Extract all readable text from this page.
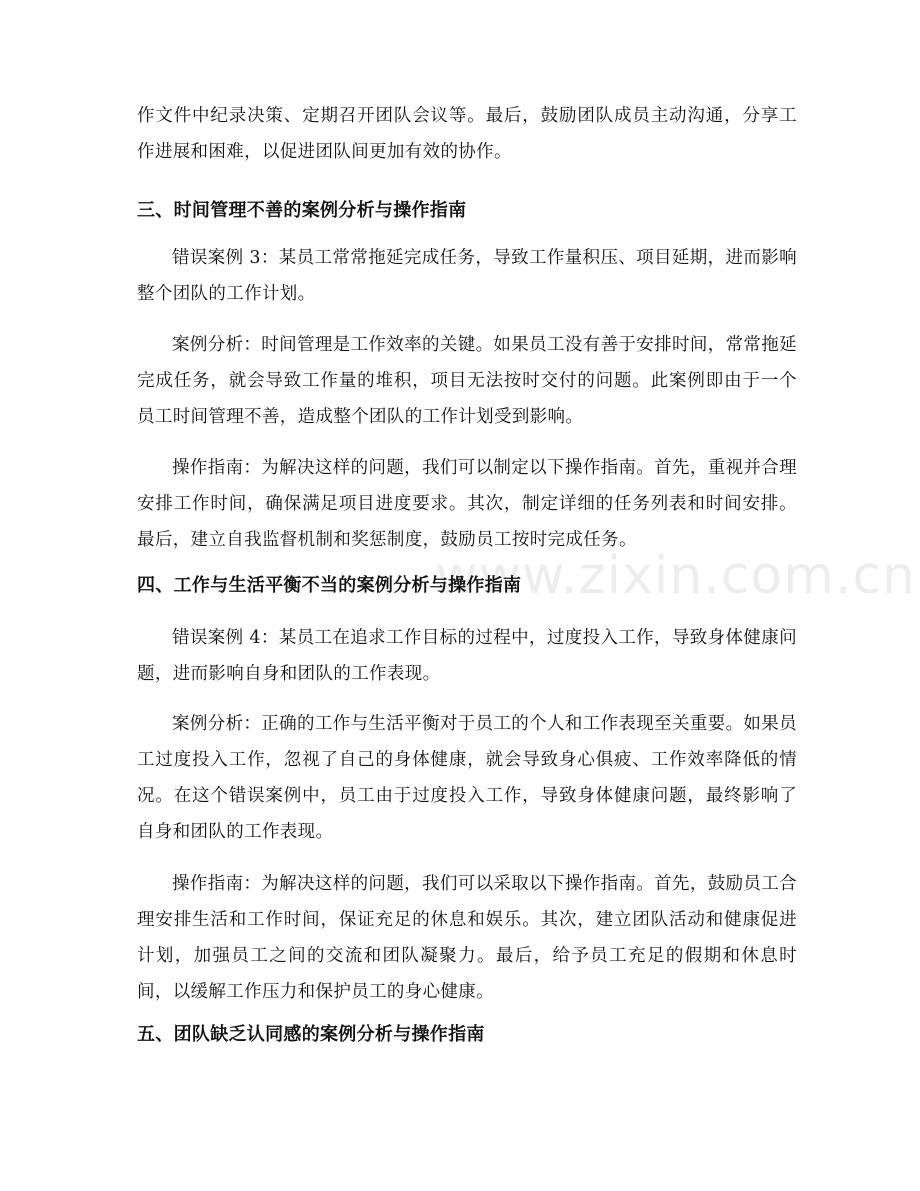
作文件中纪录决策、定期召开团队会议等。最后，鼓励团队成员主动沟通，分享工作进展和困难，以促进团队间更加有效的协作。

三、时间管理不善的案例分析与操作指南

错误案例 3：某员工常常拖延完成任务，导致工作量积压、项目延期，进而影响整个团队的工作计划。

案例分析：时间管理是工作效率的关键。如果员工没有善于安排时间，常常拖延完成任务，就会导致工作量的堆积，项目无法按时交付的问题。此案例即由于一个员工时间管理不善，造成整个团队的工作计划受到影响。

操作指南：为解决这样的问题，我们可以制定以下操作指南。首先，重视并合理安排工作时间，确保满足项目进度要求。其次，制定详细的任务列表和时间安排。最后，建立自我监督机制和奖惩制度，鼓励员工按时完成任务。

四、工作与生活平衡不当的案例分析与操作指南

错误案例 4：某员工在追求工作目标的过程中，过度投入工作，导致身体健康问题，进而影响自身和团队的工作表现。

案例分析：正确的工作与生活平衡对于员工的个人和工作表现至关重要。如果员工过度投入工作，忽视了自己的身体健康，就会导致身心俱疲、工作效率降低的情况。在这个错误案例中，员工由于过度投入工作，导致身体健康问题，最终影响了自身和团队的工作表现。

操作指南：为解决这样的问题，我们可以采取以下操作指南。首先，鼓励员工合理安排生活和工作时间，保证充足的休息和娱乐。其次，建立团队活动和健康促进计划，加强员工之间的交流和团队凝聚力。最后，给予员工充足的假期和休息时间，以缓解工作压力和保护员工的身心健康。

五、团队缺乏认同感的案例分析与操作指南
www.zixin.com.cn
